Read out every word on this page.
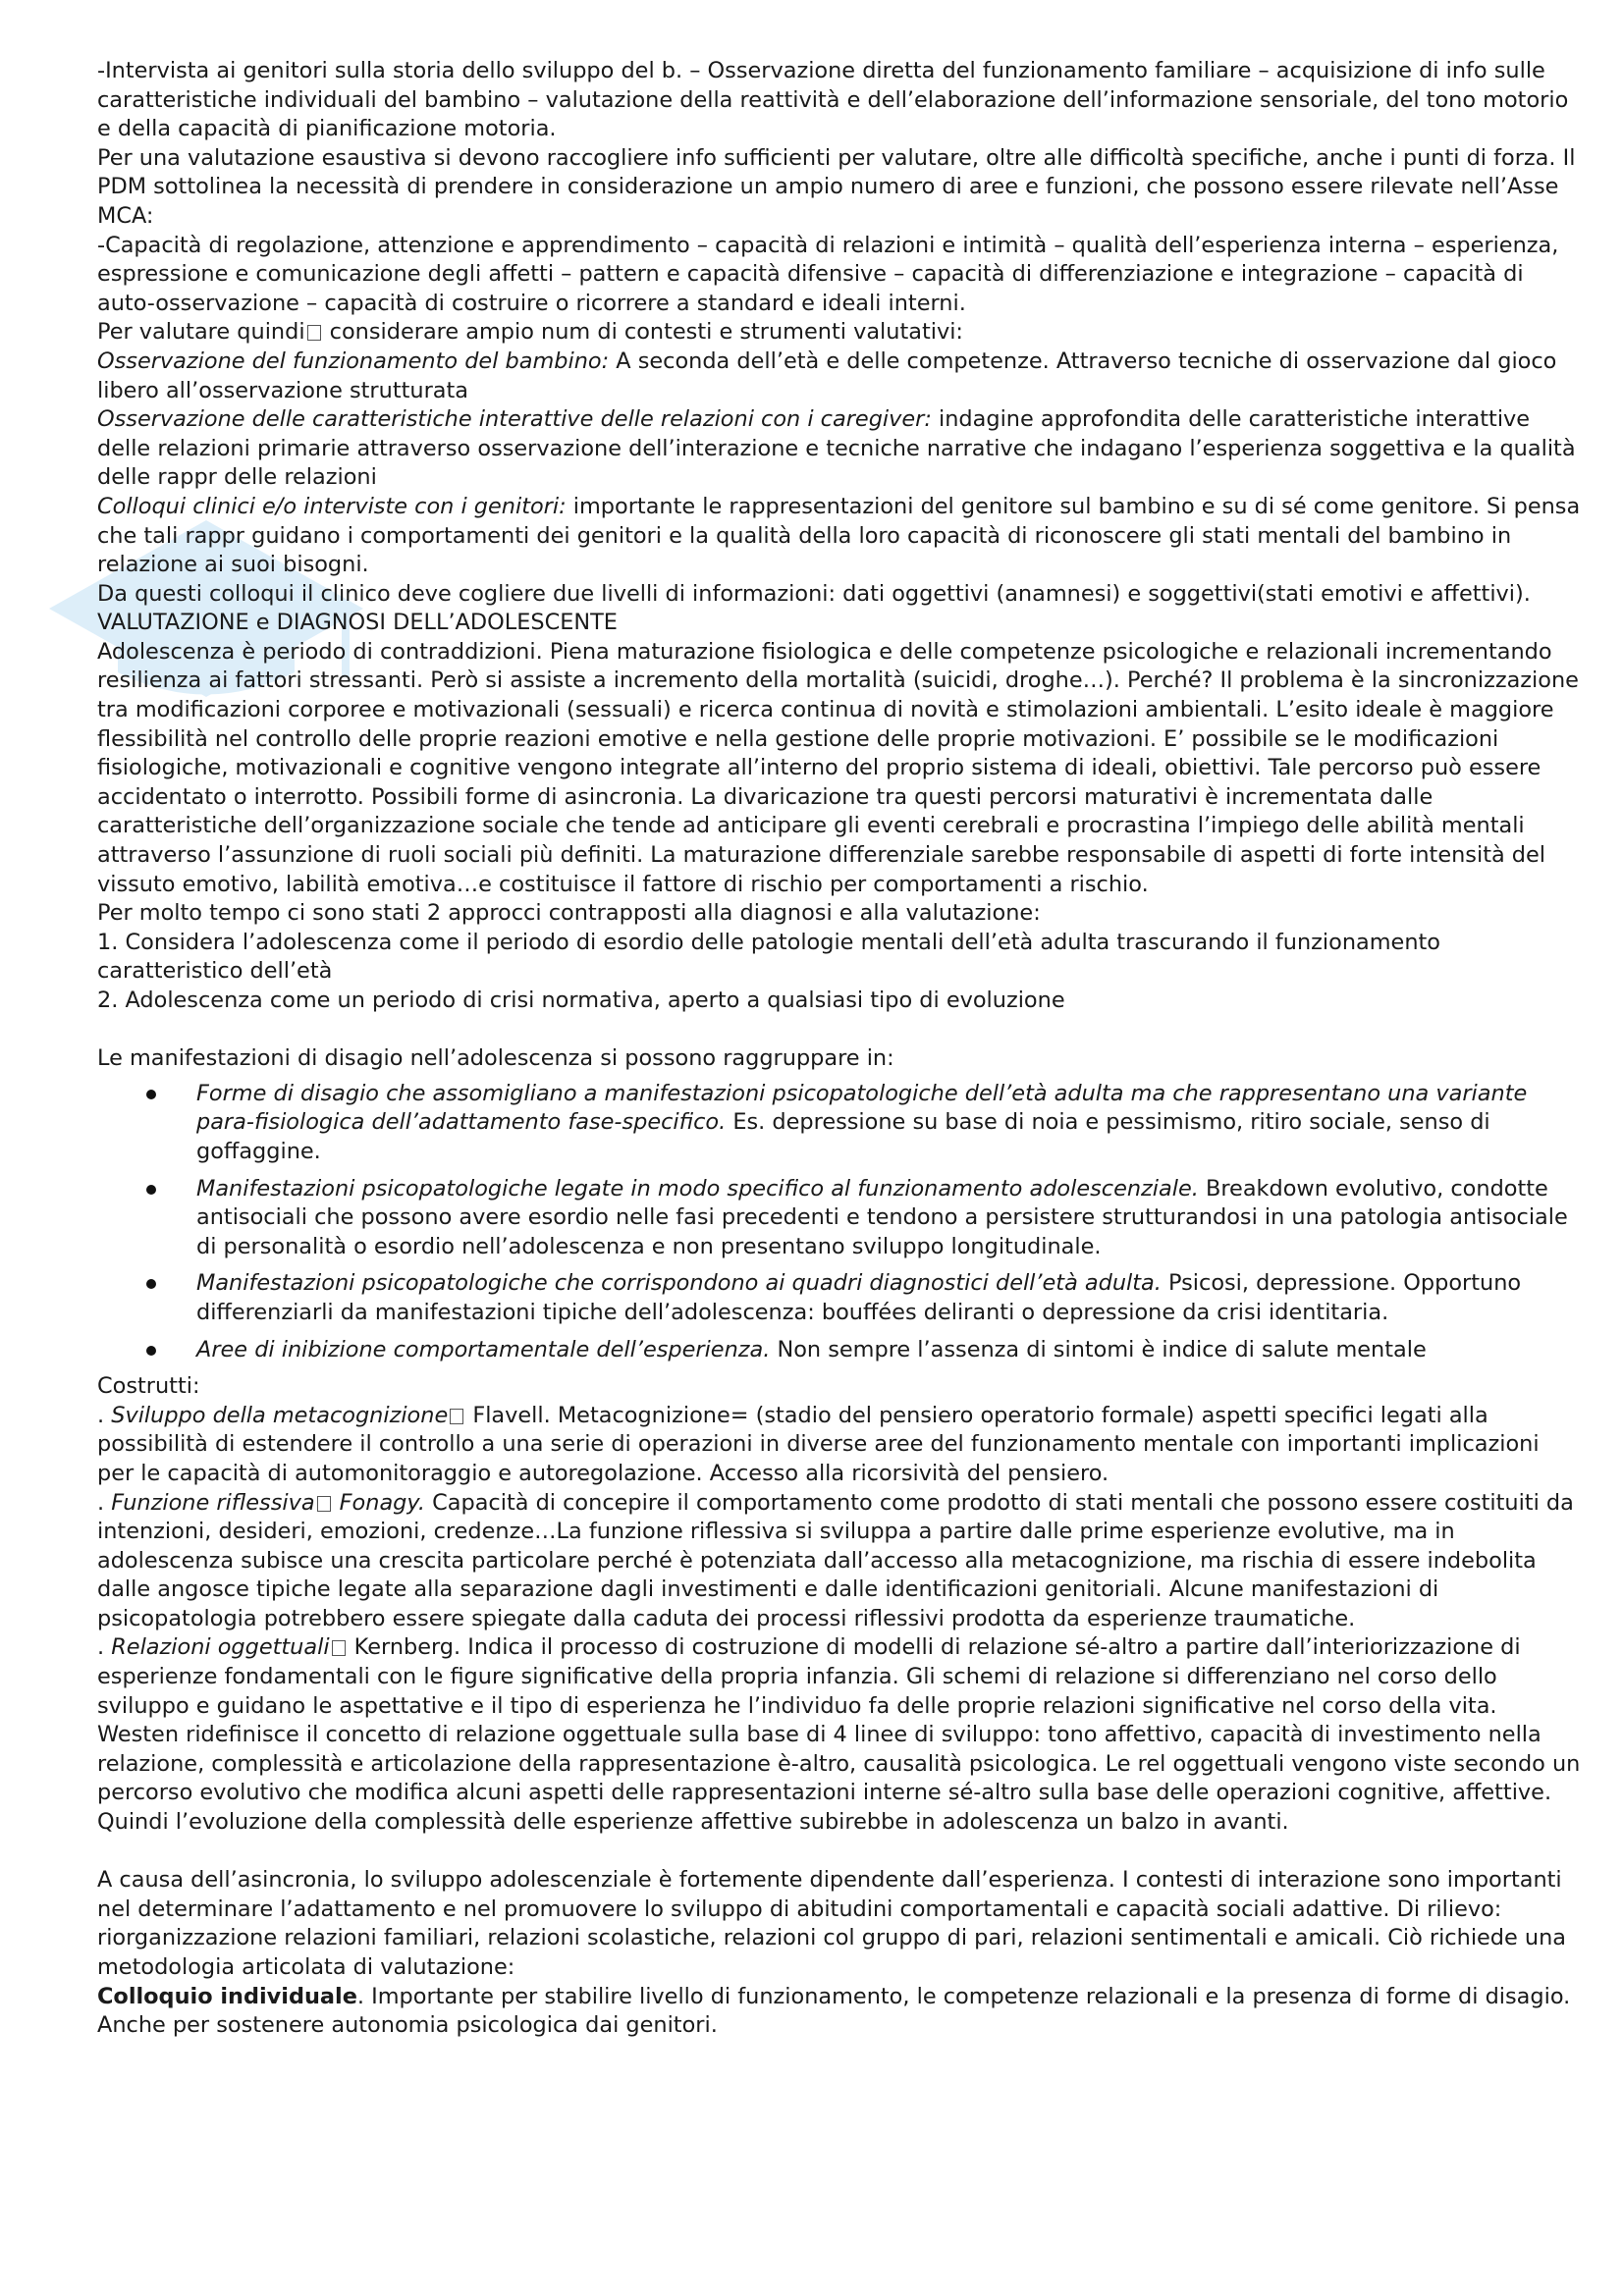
-Intervista ai genitori sulla storia dello sviluppo del b. – Osservazione diretta del funzionamento familiare – acquisizione di info sulle caratteristiche individuali del bambino – valutazione della reattività e dell’elaborazione dell’informazione sensoriale, del tono motorio e della capacità di pianificazione motoria.

Per una valutazione esaustiva si devono raccogliere info sufficienti per valutare, oltre alle difficoltà specifiche, anche i punti di forza. Il PDM sottolinea la necessità di prendere in considerazione un ampio numero di aree e funzioni, che possono essere rilevate nell’Asse MCA:

-Capacità di regolazione, attenzione e apprendimento – capacità di relazioni e intimità – qualità dell’esperienza interna – esperienza, espressione e comunicazione degli affetti – pattern e capacità difensive – capacità di differenziazione e integrazione – capacità di auto-osservazione – capacità di costruire o ricorrere a standard e ideali interni.

Per valutare quindi considerare ampio num di contesti e strumenti valutativi:

Osservazione del funzionamento del bambino: A seconda dell’età e delle competenze. Attraverso tecniche di osservazione dal gioco libero all’osservazione strutturata

Osservazione delle caratteristiche interattive delle relazioni con i caregiver: indagine approfondita delle caratteristiche interattive delle relazioni primarie attraverso osservazione dell’interazione e tecniche narrative che indagano l’esperienza soggettiva e la qualità delle rappr delle relazioni

Colloqui clinici e/o interviste con i genitori: importante le rappresentazioni del genitore sul bambino e su di sé come genitore. Si pensa che tali rappr guidano i comportamenti dei genitori e la qualità della loro capacità di riconoscere gli stati mentali del bambino in relazione ai suoi bisogni.

Da questi colloqui il clinico deve cogliere due livelli di informazioni: dati oggettivi (anamnesi) e soggettivi(stati emotivi e affettivi).

VALUTAZIONE e DIAGNOSI DELL’ADOLESCENTE

Adolescenza è periodo di contraddizioni. Piena maturazione fisiologica e delle competenze psicologiche e relazionali incrementando resilienza ai fattori stressanti. Però si assiste a incremento della mortalità (suicidi, droghe…). Perché? Il problema è la sincronizzazione tra modificazioni corporee e motivazionali (sessuali) e ricerca continua di novità e stimolazioni ambientali. L’esito ideale è maggiore flessibilità nel controllo delle proprie reazioni emotive e nella gestione delle proprie motivazioni. E’ possibile se le modificazioni fisiologiche, motivazionali e cognitive vengono integrate all’interno del proprio sistema di ideali, obiettivi. Tale percorso può essere accidentato o interrotto. Possibili forme di asincronia. La divaricazione tra questi percorsi maturativi è incrementata dalle caratteristiche dell’organizzazione sociale che tende ad anticipare gli eventi cerebrali e procrastina l’impiego delle abilità mentali attraverso l’assunzione di ruoli sociali più definiti. La maturazione differenziale sarebbe responsabile di aspetti di forte intensità del vissuto emotivo, labilità emotiva…e costituisce il fattore di rischio per comportamenti a rischio.

Per molto tempo ci sono stati 2 approcci contrapposti alla diagnosi e alla valutazione:

1. Considera l’adolescenza come il periodo di esordio delle patologie mentali dell’età adulta trascurando il funzionamento caratteristico dell’età

2. Adolescenza come un periodo di crisi normativa, aperto a qualsiasi tipo di evoluzione

Le manifestazioni di disagio nell’adolescenza si possono raggruppare in:

Forme di disagio che assomigliano a manifestazioni psicopatologiche dell’età adulta ma che rappresentano una variante para-fisiologica dell’adattamento fase-specifico. Es. depressione su base di noia e pessimismo, ritiro sociale, senso di goffaggine.
Manifestazioni psicopatologiche legate in modo specifico al funzionamento adolescenziale. Breakdown evolutivo, condotte antisociali che possono avere esordio nelle fasi precedenti e tendono a persistere strutturandosi in una patologia antisociale di personalità o esordio nell’adolescenza e non presentano sviluppo longitudinale.
Manifestazioni psicopatologiche che corrispondono ai quadri diagnostici dell’età adulta. Psicosi, depressione. Opportuno differenziarli da manifestazioni tipiche dell’adolescenza: bouffées deliranti o depressione da crisi identitaria.
Aree di inibizione comportamentale dell’esperienza. Non sempre l’assenza di sintomi è indice di salute mentale

Costrutti:

. Sviluppo della metacognizione Flavell. Metacognizione= (stadio del pensiero operatorio formale) aspetti specifici legati alla possibilità di estendere il controllo a una serie di operazioni in diverse aree del funzionamento mentale con importanti implicazioni per le capacità di automonitoraggio e autoregolazione. Accesso alla ricorsività del pensiero.

. Funzione riflessiva Fonagy. Capacità di concepire il comportamento come prodotto di stati mentali che possono essere costituiti da intenzioni, desideri, emozioni, credenze…La funzione riflessiva si sviluppa a partire dalle prime esperienze evolutive, ma in adolescenza subisce una crescita particolare perché è potenziata dall’accesso alla metacognizione, ma rischia di essere indebolita dalle angosce tipiche legate alla separazione dagli investimenti e dalle identificazioni genitoriali. Alcune manifestazioni di psicopatologia potrebbero essere spiegate dalla caduta dei processi riflessivi prodotta da esperienze traumatiche.

. Relazioni oggettuali Kernberg. Indica il processo di costruzione di modelli di relazione sé-altro a partire dall’interiorizzazione di esperienze fondamentali con le figure significative della propria infanzia. Gli schemi di relazione si differenziano nel corso dello sviluppo e guidano le aspettative e il tipo di esperienza he l’individuo fa delle proprie relazioni significative nel corso della vita. Westen ridefinisce il concetto di relazione oggettuale sulla base di 4 linee di sviluppo: tono affettivo, capacità di investimento nella relazione, complessità e articolazione della rappresentazione è-altro, causalità psicologica. Le rel oggettuali vengono viste secondo un percorso evolutivo che modifica alcuni aspetti delle rappresentazioni interne sé-altro sulla base delle operazioni cognitive, affettive. Quindi l’evoluzione della complessità delle esperienze affettive subirebbe in adolescenza un balzo in avanti.

A causa dell’asincronia, lo sviluppo adolescenziale è fortemente dipendente dall’esperienza. I contesti di interazione sono importanti nel determinare l’adattamento e nel promuovere lo sviluppo di abitudini comportamentali e capacità sociali adattive. Di rilievo: riorganizzazione relazioni familiari, relazioni scolastiche, relazioni col gruppo di pari, relazioni sentimentali e amicali. Ciò richiede una metodologia articolata di valutazione:

Colloquio individuale. Importante per stabilire livello di funzionamento, le competenze relazionali e la presenza di forme di disagio. Anche per sostenere autonomia psicologica dai genitori.
